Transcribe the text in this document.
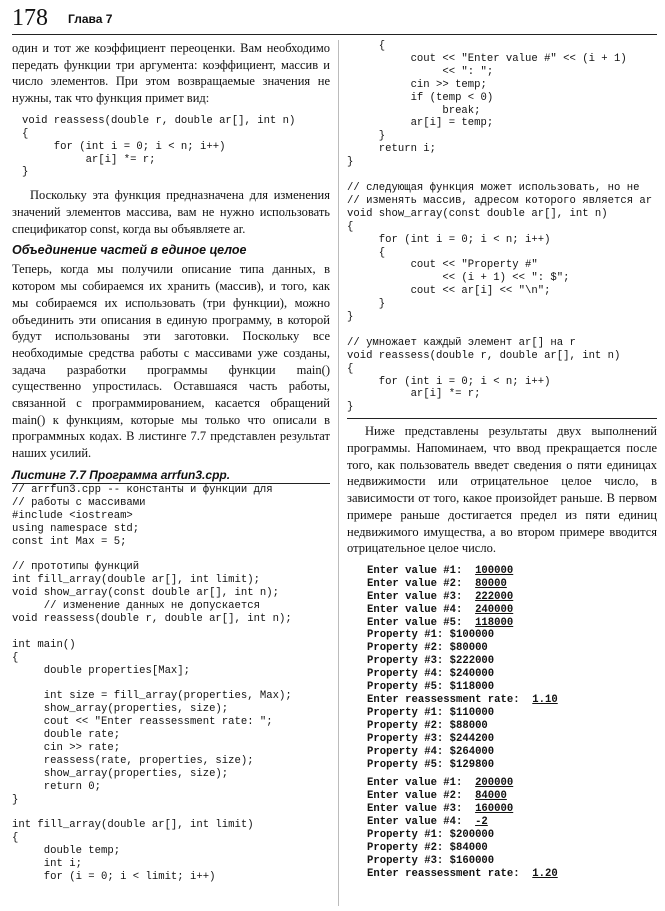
178 Глава 7

один и тот же коэффициент переоценки. Вам необходимо передать функции три аргумента: коэффициент, массив и число элементов. При этом возвращаемые значения не нужны, так что функция примет вид:

void reassess(double r, double ar[], int n)
{
for (int i = 0; i < n; i++)
ar[i] *= r;
}

Поскольку эта функция предназначена для изменения значений элементов массива, вам не нужно использовать спецификатор const, когда вы объявляете ar.

Объединение частей в единое целое

Теперь, когда мы получили описание типа данных, в котором мы собираемся их хранить (массив), и того, как мы собираемся их использовать (три функции), можно объединить эти описания в единую программу, в которой будут использованы эти заготовки. Поскольку все необходимые средства работы с массивами уже созданы, задача разработки программы функции main() существенно упростилась. Оставшаяся часть работы, связанной с программированием, касается обращений main() к функциям, которые мы только что описали в программных кодах. В листинге 7.7 представлен результат наших усилий.

Листинг 7.7 Программа arrfun3.cpp.
// arrfun3.cpp -- константы и функции для
// работы с массивами
#include <iostream>
using namespace std;
const int Max = 5;

// прототипы функций
int fill_array(double ar[], int limit);
void show_array(const double ar[], int n);
// изменение данных не допускается
void reassess(double r, double ar[], int n);

int main()
{
double properties[Max];

int size = fill_array(properties, Max);
show_array(properties, size);
cout << "Enter reassessment rate: ";
double rate;
cin >> rate;
reassess(rate, properties, size);
show_array(properties, size);
return 0;
}

int fill_array(double ar[], int limit)
{
double temp;
int i;
for (i = 0; i < limit; i++)
{
cout << "Enter value #" << (i + 1)
<< ": ";
cin >> temp;
if (temp < 0)
break;
ar[i] = temp;
}
return i;
}

// следующая функция может использовать, но не
// изменять массив, адресом которого является ar
void show_array(const double ar[], int n)
{
for (int i = 0; i < n; i++)
{
cout << "Property #"
<< (i + 1) << ": $";
cout << ar[i] << "\n";
}
}

// умножает каждый элемент ar[] на r
void reassess(double r, double ar[], int n)
{
for (int i = 0; i < n; i++)
ar[i] *= r;
}

Ниже представлены результаты двух выполнений программы. Напоминаем, что ввод прекращается после того, как пользователь введет сведения о пяти единицах недвижимости или отрицательное целое число, в зависимости от того, какое произойдет раньше. В первом примере раньше достигается предел из пяти единиц недвижимого имущества, а во втором примере вводится отрицательное целое число.

Enter value #1:  100000
Enter value #2:  80000
Enter value #3:  222000
Enter value #4:  240000
Enter value #5:  118000
Property #1: $100000
Property #2: $80000
Property #3: $222000
Property #4: $240000
Property #5: $118000
Enter reassessment rate:  1.10
Property #1: $110000
Property #2: $88000
Property #3: $244200
Property #4: $264000
Property #5: $129800
Enter value #1:  200000
Enter value #2:  84000
Enter value #3:  160000
Enter value #4:  -2
Property #1: $200000
Property #2: $84000
Property #3: $160000
Enter reassessment rate:  1.20
